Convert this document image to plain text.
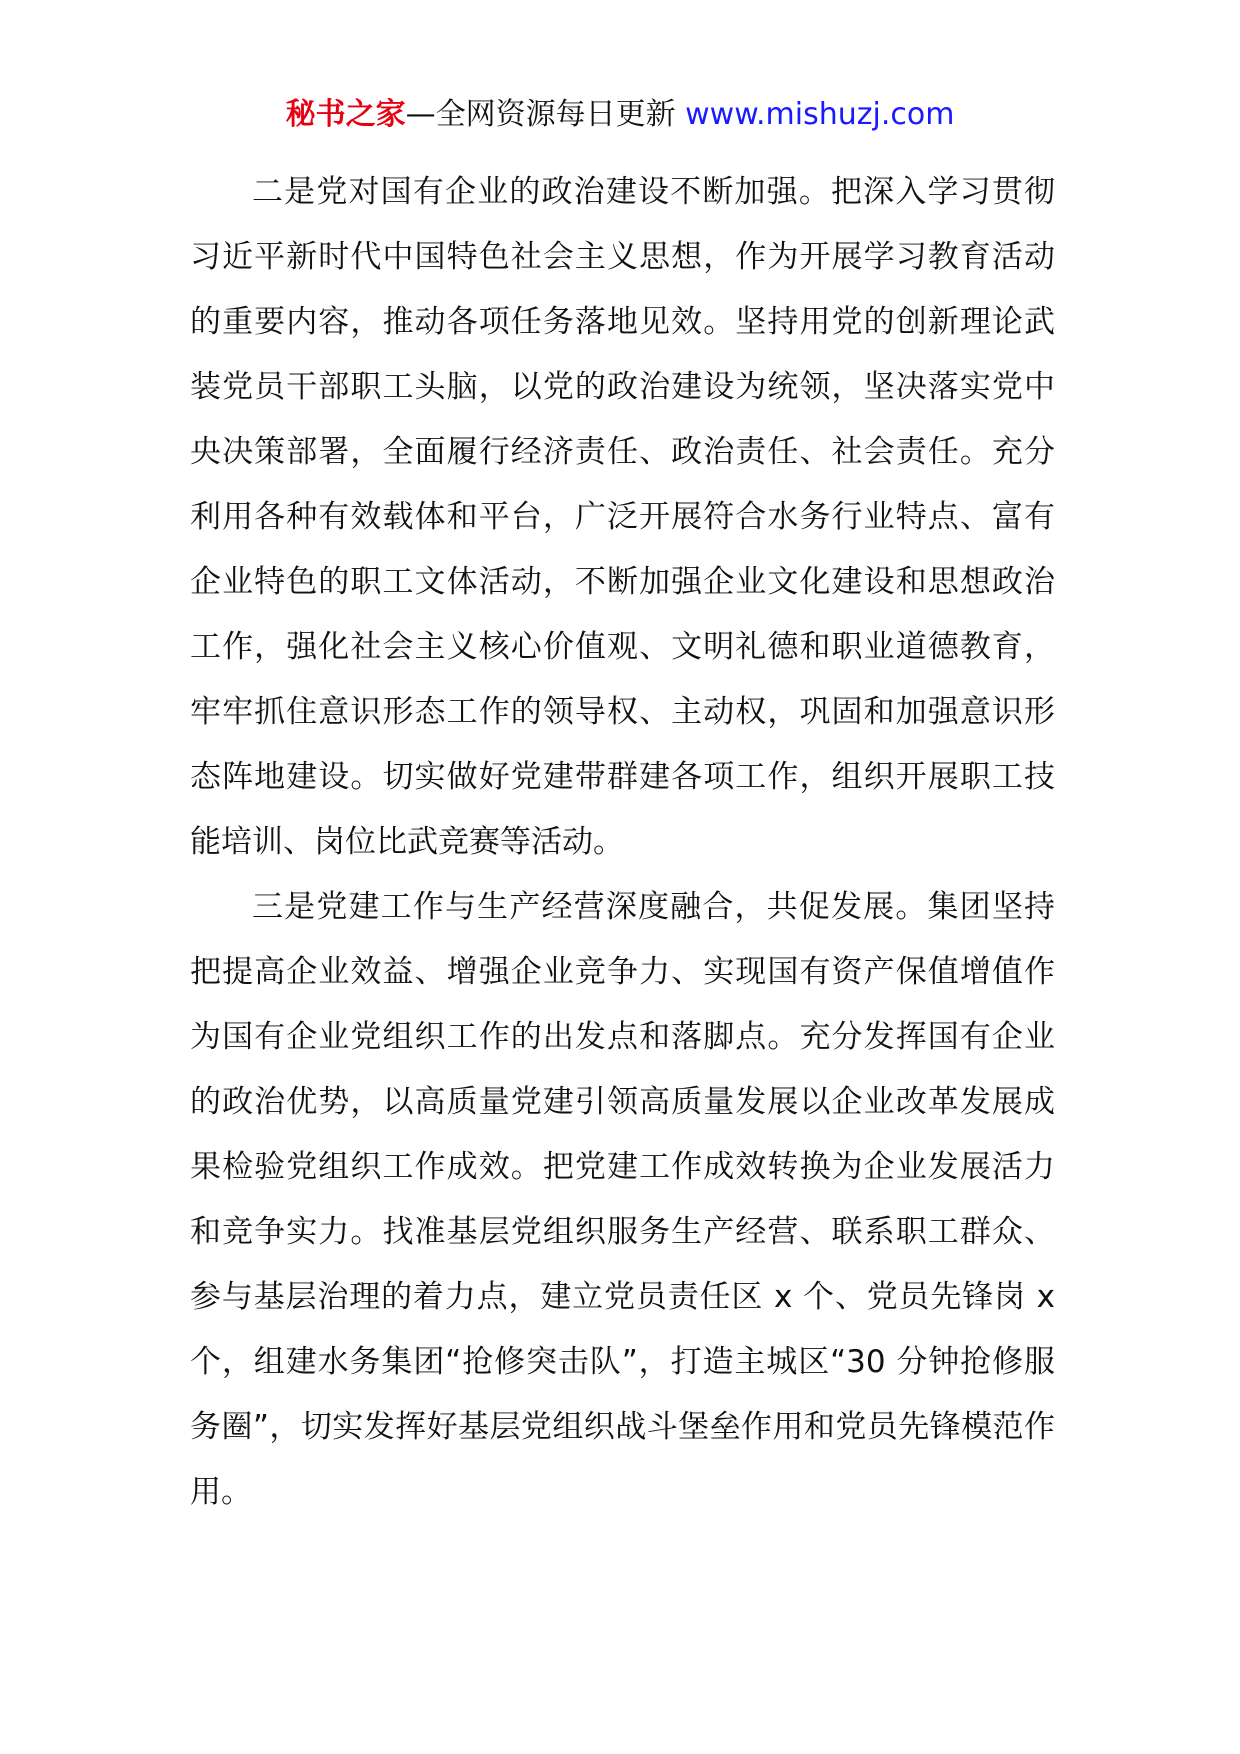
秘书之家—全网资源每日更新 www.mishuzj.com

二是党对国有企业的政治建设不断加强。把深入学习贯彻习近平新时代中国特色社会主义思想，作为开展学习教育活动的重要内容，推动各项任务落地见效。坚持用党的创新理论武装党员干部职工头脑，以党的政治建设为统领，坚决落实党中央决策部署，全面履行经济责任、政治责任、社会责任。充分利用各种有效载体和平台，广泛开展符合水务行业特点、富有企业特色的职工文体活动，不断加强企业文化建设和思想政治工作，强化社会主义核心价值观、文明礼德和职业道德教育，牢牢抓住意识形态工作的领导权、主动权，巩固和加强意识形态阵地建设。切实做好党建带群建各项工作，组织开展职工技能培训、岗位比武竞赛等活动。

三是党建工作与生产经营深度融合，共促发展。集团坚持把提高企业效益、增强企业竞争力、实现国有资产保值增值作为国有企业党组织工作的出发点和落脚点。充分发挥国有企业的政治优势，以高质量党建引领高质量发展以企业改革发展成果检验党组织工作成效。把党建工作成效转换为企业发展活力和竞争实力。找准基层党组织服务生产经营、联系职工群众、参与基层治理的着力点，建立党员责任区 x 个、党员先锋岗 x 个，组建水务集团“抢修突击队”，打造主城区“30 分钟抢修服务圈”，切实发挥好基层党组织战斗堡垒作用和党员先锋模范作用。
